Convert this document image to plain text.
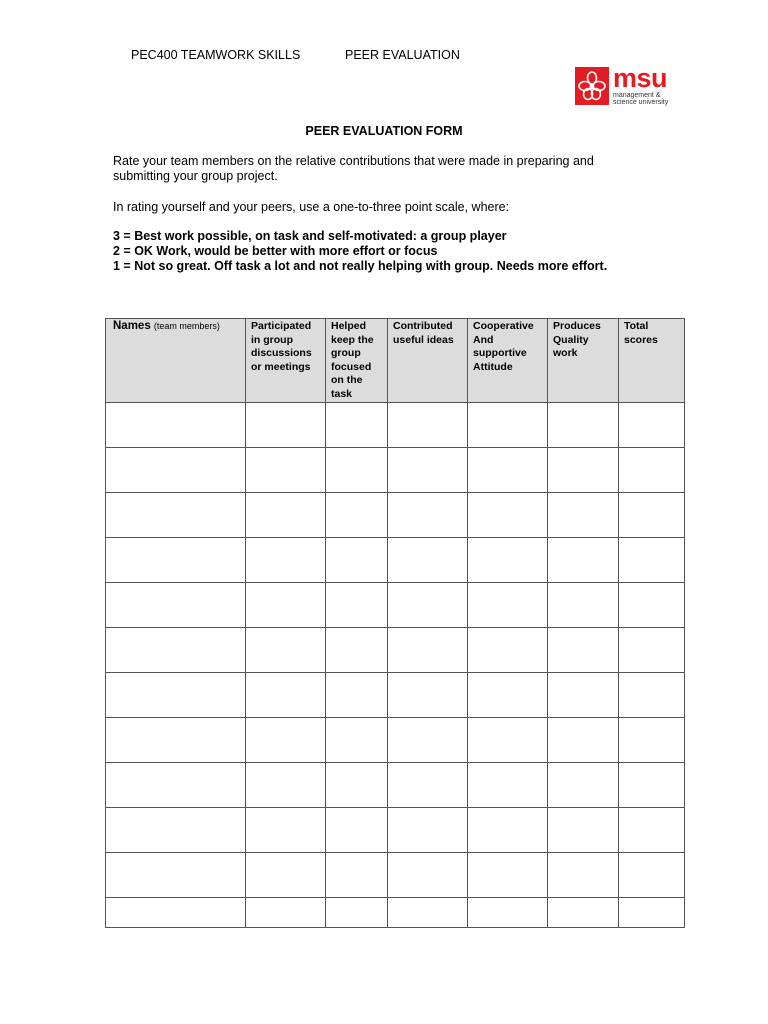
PEC400 TEAMWORK SKILLS	PEER EVALUATION
msu
management &
science university
PEER EVALUATION FORM
Rate your team members on the relative contributions that were made in preparing and submitting your group project.
In rating yourself and your peers, use a one-to-three point scale, where:
3 = Best work possible, on task and self-motivated: a group player
2 = OK Work, would be better with more effort or focus
1 = Not so great. Off task a lot and not really helping with group. Needs more effort.
Names (team members)	Participated in group discussions or meetings	Helped keep the group focused on the task	Contributed useful ideas	Cooperative And supportive Attitude	Produces Quality work	Total scores
